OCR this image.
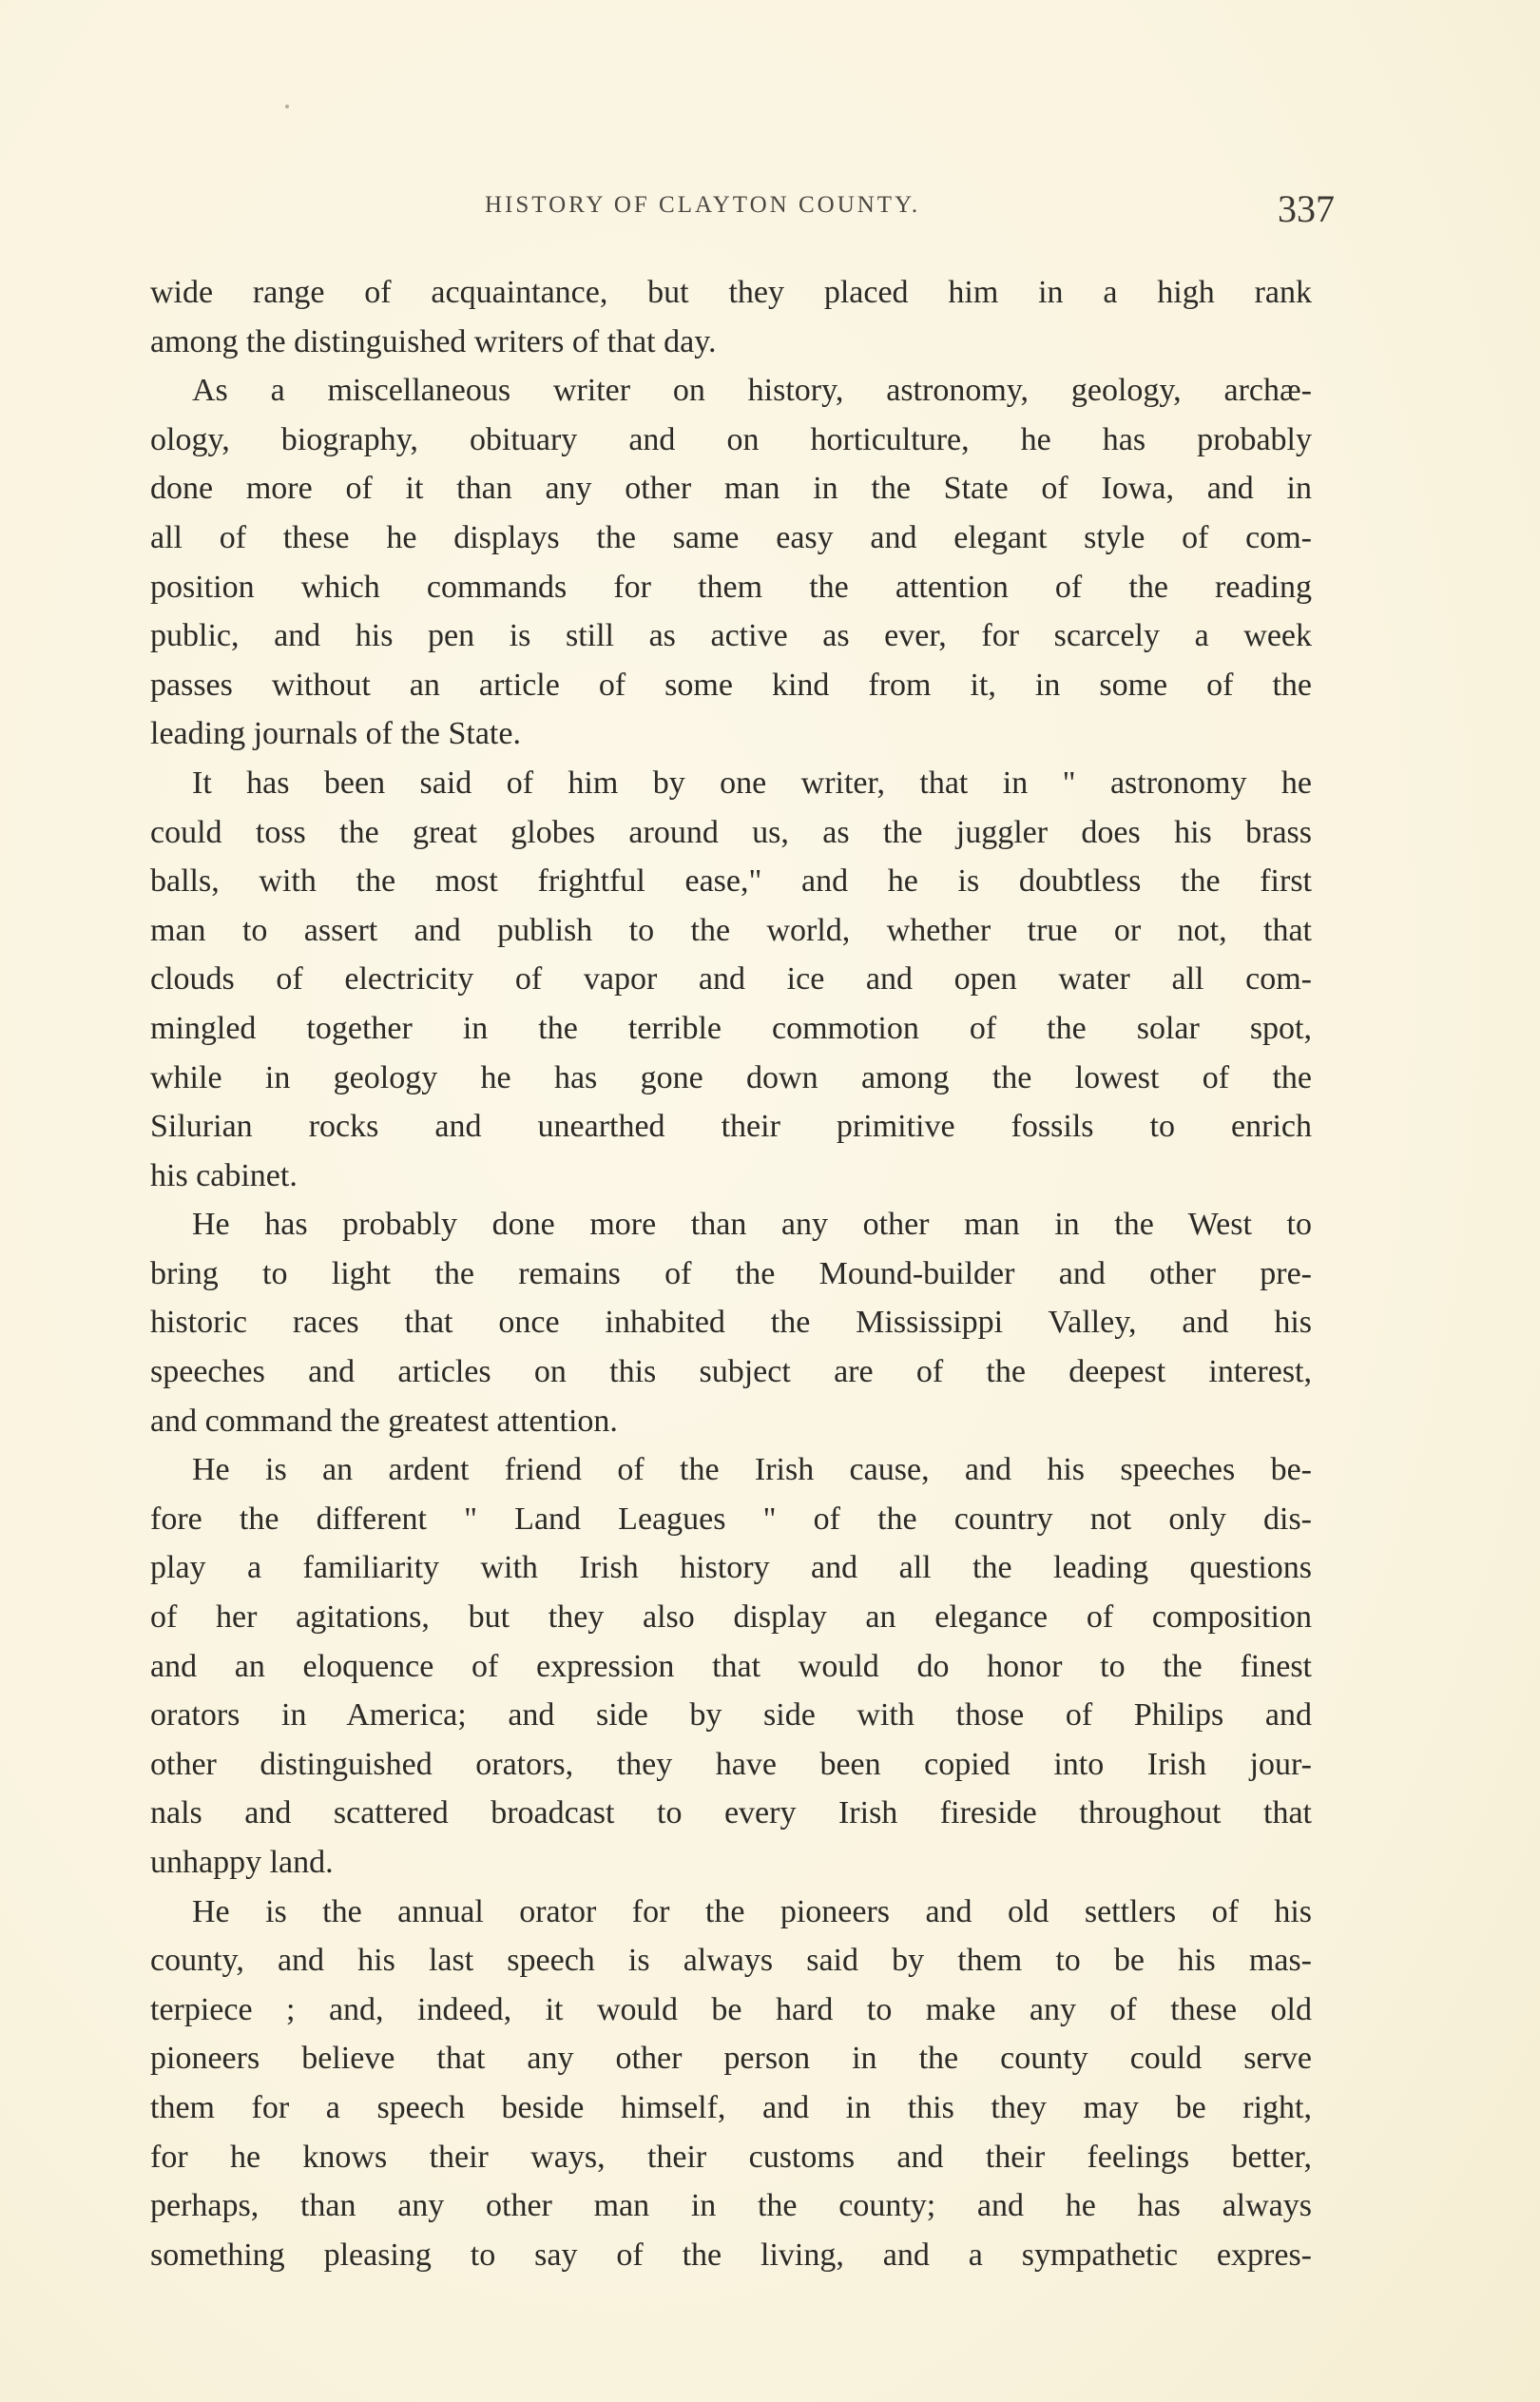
HISTORY OF CLAYTON COUNTY.	337
wide range of acquaintance, but they placed him in a high rank
among the distinguished writers of that day.
As a miscellaneous writer on history, astronomy, geology, archæ-
ology, biography, obituary and on horticulture, he has probably
done more of it than any other man in the State of Iowa, and in
all of these he displays the same easy and elegant style of com-
position which commands for them the attention of the reading
public, and his pen is still as active as ever, for scarcely a week
passes without an article of some kind from it, in some of the
leading journals of the State.
It has been said of him by one writer, that in " astronomy he
could toss the great globes around us, as the juggler does his brass
balls, with the most frightful ease," and he is doubtless the first
man to assert and publish to the world, whether true or not, that
clouds of electricity of vapor and ice and open water all com-
mingled together in the terrible commotion of the solar spot,
while in geology he has gone down among the lowest of the
Silurian rocks and unearthed their primitive fossils to enrich
his cabinet.
He has probably done more than any other man in the West to
bring to light the remains of the Mound-builder and other pre-
historic races that once inhabited the Mississippi Valley, and his
speeches and articles on this subject are of the deepest interest,
and command the greatest attention.
He is an ardent friend of the Irish cause, and his speeches be-
fore the different " Land Leagues " of the country not only dis-
play a familiarity with Irish history and all the leading questions
of her agitations, but they also display an elegance of composition
and an eloquence of expression that would do honor to the finest
orators in America; and side by side with those of Philips and
other distinguished orators, they have been copied into Irish jour-
nals and scattered broadcast to every Irish fireside throughout that
unhappy land.
He is the annual orator for the pioneers and old settlers of his
county, and his last speech is always said by them to be his mas-
terpiece ; and, indeed, it would be hard to make any of these old
pioneers believe that any other person in the county could serve
them for a speech beside himself, and in this they may be right,
for he knows their ways, their customs and their feelings better,
perhaps, than any other man in the county; and he has always
something pleasing to say of the living, and a sympathetic expres-
